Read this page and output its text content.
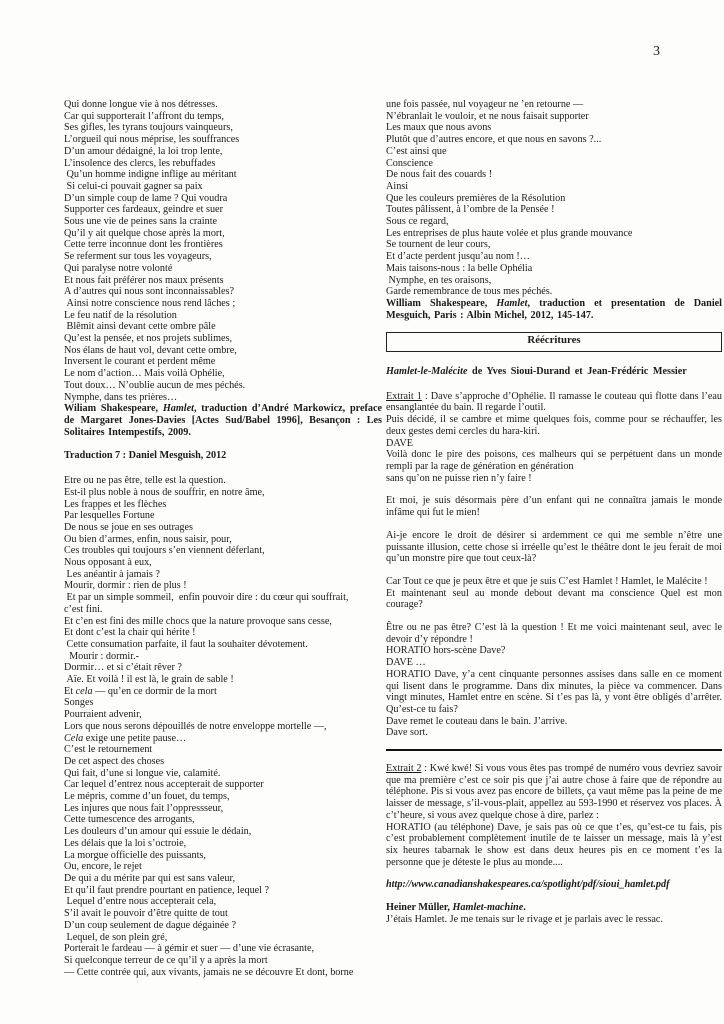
3
Qui donne longue vie à nos détresses.
Car qui supporterait l’affront du temps,
Ses gifles, les tyrans toujours vainqueurs,
L’orgueil qui nous méprise, les souffrances
D’un amour dédaigné, la loi trop lente,
L’insolence des clercs, les rebuffades
Qu’un homme indigne inflige au méritant
Si celui-ci pouvait gagner sa paix
D’un simple coup de lame ? Qui voudra
Supporter ces fardeaux, geindre et suer
Sous une vie de peines sans la crainte
Qu’il y ait quelque chose après la mort,
Cette terre inconnue dont les frontières
Se referment sur tous les voyageurs,
Qui paralyse notre volonté
Et nous fait préférer nos maux présents
A d’autres qui nous sont inconnaissables?
Ainsi notre conscience nous rend lâches ;
Le feu natif de la résolution
Blêmit ainsi devant cette ombre pâle
Qu’est la pensée, et nos projets sublimes,
Nos élans de haut vol, devant cette ombre,
Inversent le courant et perdent même
Le nom d’action… Mais voilà Ophélie,
Tout doux… N’oublie aucun de mes péchés.
Nymphe, dans tes prières…

Wiliam Shakespeare, Hamlet, traduction d’André Markowicz, preface de Margaret Jones-Davies [Actes Sud/Babel 1996], Besançon : Les Solitaires Intempestifs, 2009.

Traduction 7 : Daniel Mesguish, 2012

Etre ou ne pas être, telle est la question.
Est-il plus noble à nous de souffrir, en notre âme,
Les frappes et les flèches
Par lesquelles Fortune
De nous se joue en ses outrages
Ou bien d’armes, enfin, nous saisir, pour,
Ces troubles qui toujours s’en viennent déferlant,
Nous opposant à eux,
Les anéantir à jamais ?
Mourir, dormir : rien de plus !
Et par un simple sommeil,  enfin pouvoir dire : du cœur qui souffrait,
c’est fini.
Et c’en est fini des mille chocs que la nature provoque sans cesse,
Et dont c’est la chair qui hérite !
Cette consumation parfaite, il faut la souhaiter dévotement.
Mourir : dormir.-
Dormir… et si c’était rêver ?
Aïe. Et voilà ! il est là, le grain de sable !
Et cela — qu’en ce dormir de la mort
Songes
Pourraient advenir,
Lors que nous serons dépouillés de notre enveloppe mortelle —,
Cela exige une petite pause…
C’est le retournement
De cet aspect des choses
Qui fait, d’une si longue vie, calamité.
Car lequel d’entrez nous accepterait de supporter
Le mépris, comme d’un fouet, du temps,
Les injures que nous fait l’oppressseur,
Cette tumescence des arrogants,
Les douleurs d’un amour qui essuie le dédain,
Les délais que la loi s’octroie,
La morgue officielle des puissants,
Ou, encore, le rejet
De qui a du mérite par qui est sans valeur,
Et qu’il faut prendre pourtant en patience, lequel ?
Lequel d’entre nous accepterait cela,
S’il avait le pouvoir d’être quitte de tout
D’un coup seulement de dague dégainée ?
Lequel, de son plein gré,
Porterait le fardeau — à gémir et suer — d’une vie écrasante,
Si quelconque terreur de ce qu’il y a après la mort
— Cette contrée qui, aux vivants, jamais ne se découvre Et dont, borne
une fois passée, nul voyageur ne ’en retourne —
N’ébranlait le vouloir, et ne nous faisait supporter
Les maux que nous avons
Plutôt que d’autres encore, et que nous en savons ?...
C’est ainsi que
Conscience
De nous fait des couards !
Ainsi
Que les couleurs premières de la Résolution
Toutes pâlissent, à l’ombre de la Pensée !
Sous ce regard,
Les entreprises de plus haute volée et plus grande mouvance
Se tournent de leur cours,
Et d’acte perdent jusqu’au nom !…
Mais taisons-nous : la belle Ophélia
Nymphe, en tes oraisons,
Garde remembrance de tous mes péchés.

William Shakespeare, Hamlet, traduction et presentation de Daniel Mesguich, Paris : Albin Michel, 2012, 145-147.

Réécritures

Hamlet-le-Malécite de Yves Sioui-Durand et Jean-Frédéric Messier

Extrait 1 : Dave s’approche d’Ophélie. Il ramasse le couteau qui flotte dans l’eau ensanglantée du bain. Il regarde l’outil.

Puis décidé, il se cambre et mime quelques fois, comme pour se réchauffer, les deux gestes demi cercles du hara-kiri.

DAVE

Voilà donc le pire des poisons, ces malheurs qui se perpétuent dans un monde rempli par la rage de génération en génération

sans qu’on ne puisse rien n’y faire !

Et moi, je suis désormais père d’un enfant qui ne connaîtra jamais le monde infâme qui fut le mien!

Ai-je encore le droit de désirer si ardemment ce qui me semble n’être une puissante illusion, cette chose si irréelle qu’est le théâtre dont le jeu ferait de moi qu’un monstre pire que tout ceux-là?

Car Tout ce que je peux être et que je suis C’est Hamlet ! Hamlet, le Malécite !

Et maintenant seul au monde debout devant ma conscience Quel est mon courage?

Être ou ne pas être? C’est là la question ! Et me voici maintenant seul, avec le devoir d’y répondre !

HORATIO hors-scène Dave?

DAVE …

HORATIO Dave, y’a cent cinquante personnes assises dans salle en ce moment qui lisent dans le programme. Dans dix minutes, la pièce va commencer. Dans vingt minutes, Hamlet entre en scène. Si t’es pas là, y vont être obligés d’arrêter. Qu’est-ce tu fais?

Dave remet le couteau dans le bain. J’arrive.

Dave sort.

Extrait 2 : Kwé kwé! Si vous vous êtes pas trompé de numéro vous devriez savoir que ma première c’est ce soir pis que j’ai autre chose à faire que de répondre au téléphone. Pis si vous avez pas encore de billets, ça vaut même pas la peine de me laisser de message, s’il-vous-plait, appellez au 593-1990 et réservez vos places. À c’t’heure, si vous avez quelque chose à dire, parlez :

HORATIO (au téléphone) Dave, je sais pas où ce que t’es, qu’est-ce tu fais, pis c’est probablement complètement inutile de te laisser un message, mais là y’est six heures tabarnak le show est dans deux heures pis en ce moment t’es la personne que je déteste le plus au monde....

http://www.canadianshakespeares.ca/spotlight/pdf/sioui_hamlet.pdf

Heiner Müller, Hamlet-machine.

J’étais Hamlet. Je me tenais sur le rivage et je parlais avec le ressac.
